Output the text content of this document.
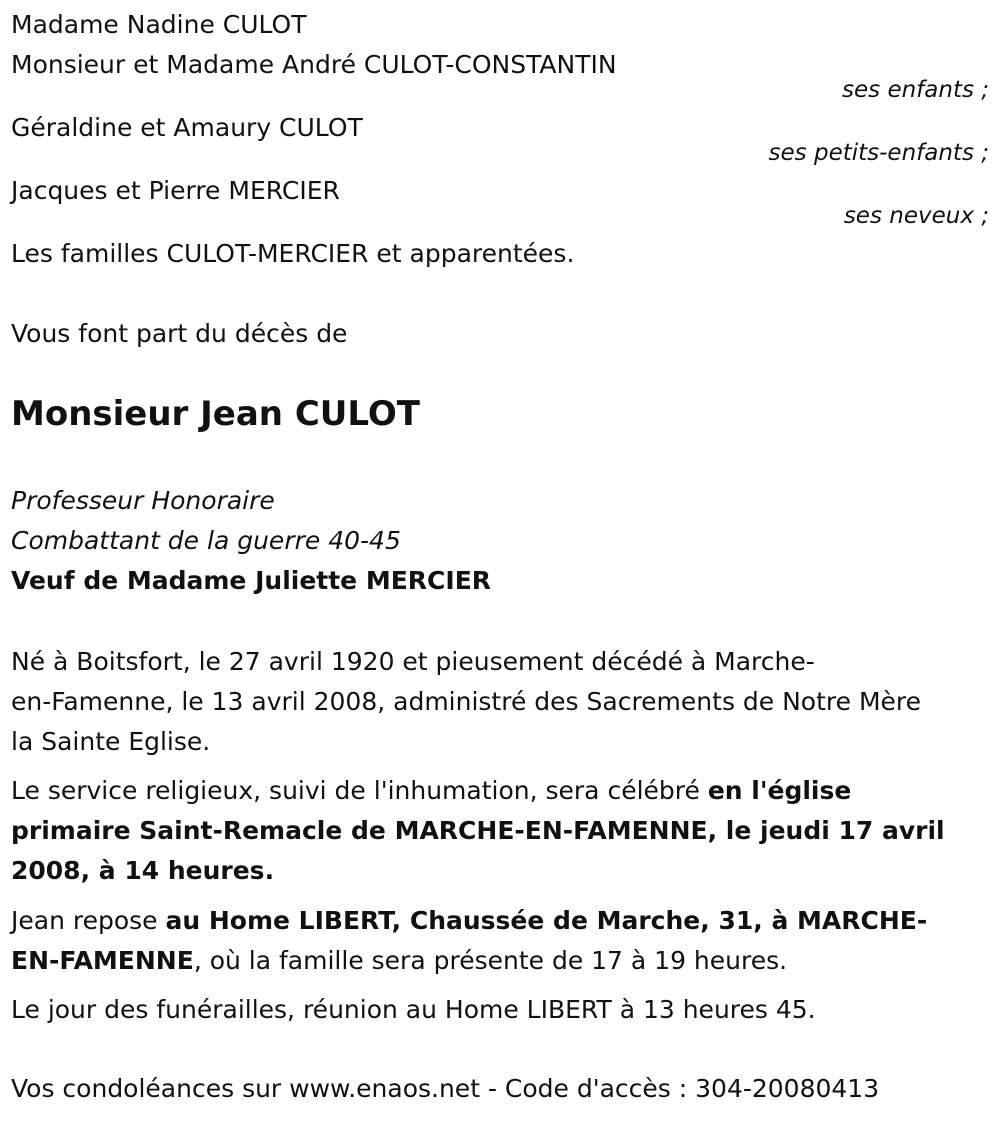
Madame Nadine CULOT
Monsieur et Madame André CULOT-CONSTANTIN
ses enfants ;
Géraldine et Amaury CULOT
ses petits-enfants ;
Jacques et Pierre MERCIER
ses neveux ;
Les familles CULOT-MERCIER et apparentées.
Vous font part du décès de
Monsieur Jean CULOT
Professeur Honoraire
Combattant de la guerre 40-45
Veuf de Madame Juliette MERCIER
Né à Boitsfort, le 27 avril 1920 et pieusement décédé à Marche-
en-Famenne, le 13 avril 2008, administré des Sacrements de Notre Mère
la Sainte Eglise.
Le service religieux, suivi de l'inhumation, sera célébré en l'église
primaire Saint-Remacle de MARCHE-EN-FAMENNE, le jeudi 17 avril
2008, à 14 heures.
Jean repose au Home LIBERT, Chaussée de Marche, 31, à MARCHE-
EN-FAMENNE, où la famille sera présente de 17 à 19 heures.
Le jour des funérailles, réunion au Home LIBERT à 13 heures 45.
Vos condoléances sur www.enaos.net - Code d'accès : 304-20080413
